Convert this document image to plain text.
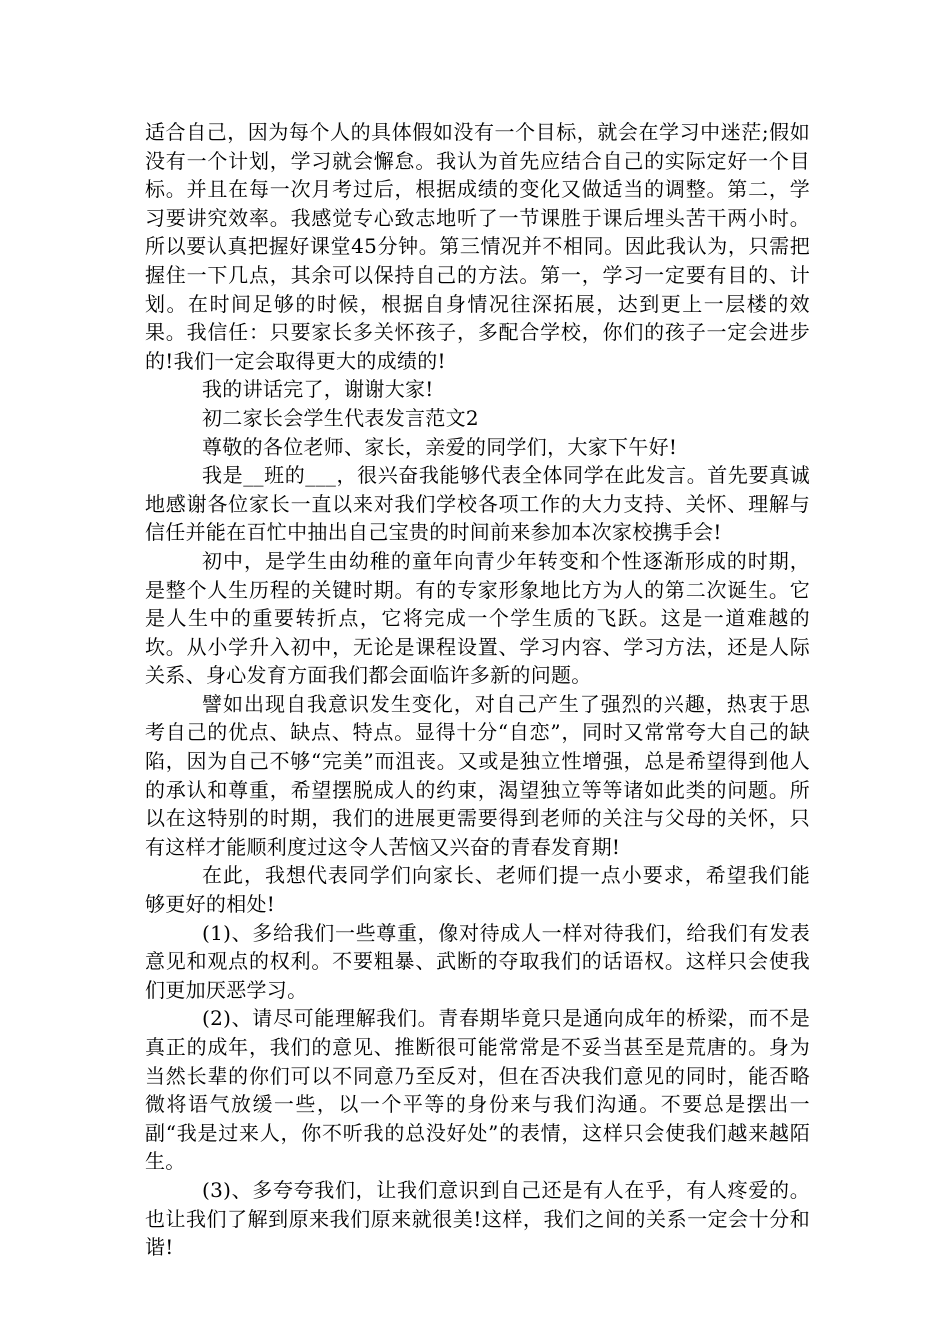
适合自己，因为每个人的具体假如没有一个目标，就会在学习中迷茫;假如没有一个计划，学习就会懈怠。我认为首先应结合自己的实际定好一个目标。并且在每一次月考过后，根据成绩的变化又做适当的调整。第二，学习要讲究效率。我感觉专心致志地听了一节课胜于课后埋头苦干两小时。所以要认真把握好课堂45分钟。第三情况并不相同。因此我认为，只需把握住一下几点，其余可以保持自己的方法。第一，学习一定要有目的、计划。在时间足够的时候，根据自身情况往深拓展，达到更上一层楼的效果。我信任：只要家长多关怀孩子，多配合学校，你们的孩子一定会进步的!我们一定会取得更大的成绩的!

我的讲话完了，谢谢大家!

初二家长会学生代表发言范文2

尊敬的各位老师、家长，亲爱的同学们，大家下午好!

我是__班的___，很兴奋我能够代表全体同学在此发言。首先要真诚地感谢各位家长一直以来对我们学校各项工作的大力支持、关怀、理解与信任并能在百忙中抽出自己宝贵的时间前来参加本次家校携手会!

初中，是学生由幼稚的童年向青少年转变和个性逐渐形成的时期，是整个人生历程的关键时期。有的专家形象地比方为人的第二次诞生。它是人生中的重要转折点，它将完成一个学生质的飞跃。这是一道难越的坎。从小学升入初中，无论是课程设置、学习内容、学习方法，还是人际关系、身心发育方面我们都会面临许多新的问题。

譬如出现自我意识发生变化，对自己产生了强烈的兴趣，热衷于思考自己的优点、缺点、特点。显得十分“自恋”，同时又常常夸大自己的缺陷，因为自己不够“完美”而沮丧。又或是独立性增强，总是希望得到他人的承认和尊重，希望摆脱成人的约束，渴望独立等等诸如此类的问题。所以在这特别的时期，我们的进展更需要得到老师的关注与父母的关怀，只有这样才能顺利度过这令人苦恼又兴奋的青春发育期!

在此，我想代表同学们向家长、老师们提一点小要求，希望我们能够更好的相处!

(1)、多给我们一些尊重，像对待成人一样对待我们，给我们有发表意见和观点的权利。不要粗暴、武断的夺取我们的话语权。这样只会使我们更加厌恶学习。

(2)、请尽可能理解我们。青春期毕竟只是通向成年的桥梁，而不是真正的成年，我们的意见、推断很可能常常是不妥当甚至是荒唐的。身为当然长辈的你们可以不同意乃至反对，但在否决我们意见的同时，能否略微将语气放缓一些，以一个平等的身份来与我们沟通。不要总是摆出一副“我是过来人，你不听我的总没好处”的表情，这样只会使我们越来越陌生。

(3)、多夸夸我们，让我们意识到自己还是有人在乎，有人疼爱的。也让我们了解到原来我们原来就很美!这样，我们之间的关系一定会十分和谐!
